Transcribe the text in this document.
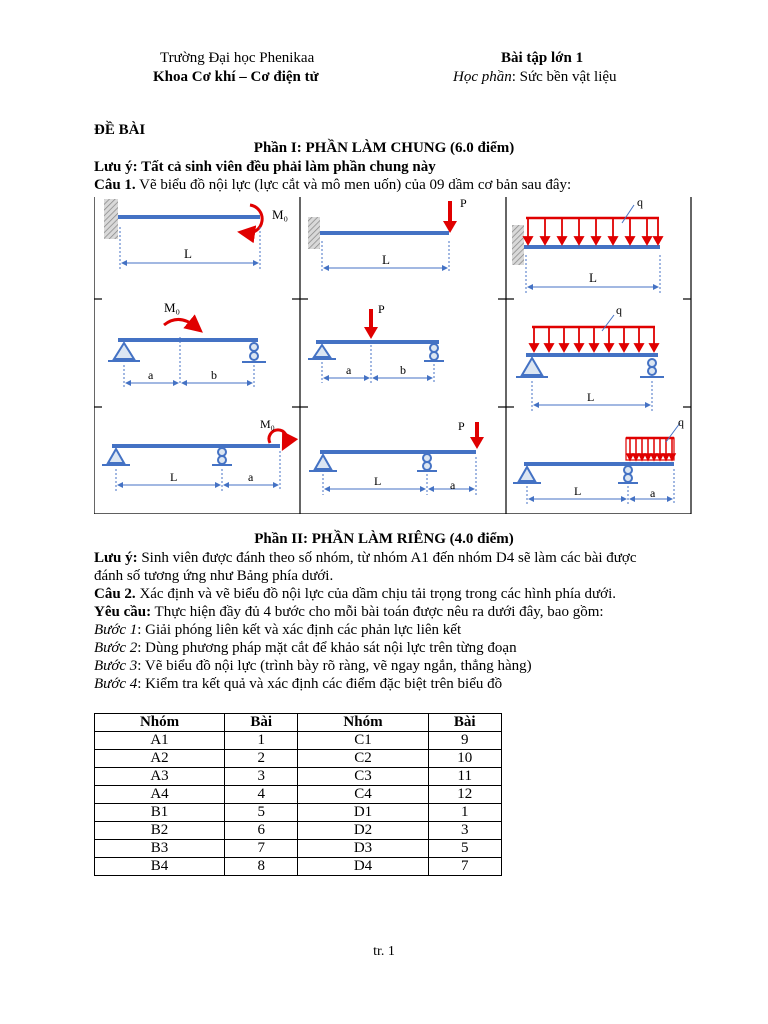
Trường Đại học Phenikaa
Khoa Cơ khí – Cơ điện tử
Bài tập lớn 1
Học phần: Sức bền vật liệu
ĐỀ BÀI
Phần I: PHẦN LÀM CHUNG (6.0 điểm)
Lưu ý: Tất cả sinh viên đều phải làm phần chung này
Câu 1. Vẽ biểu đồ nội lực (lực cắt và mô men uốn) của 09 dầm cơ bản sau đây:
M₀
L
P
L
q
L
M₀
a	b
P
a	b
q
L
M₀
L	a
P
L	a
q
L	a
Phần II: PHẦN LÀM RIÊNG (4.0 điểm)
Lưu ý: Sinh viên được đánh theo số nhóm, từ nhóm A1 đến nhóm D4 sẽ làm các bài được
đánh số tương ứng như Bảng phía dưới.
Câu 2. Xác định và vẽ biểu đồ nội lực của dầm chịu tải trọng trong các hình phía dưới.
Yêu cầu: Thực hiện đầy đủ 4 bước cho mỗi bài toán được nêu ra dưới đây, bao gồm:
Bước 1: Giải phóng liên kết và xác định các phản lực liên kết
Bước 2: Dùng phương pháp mặt cắt để khảo sát nội lực trên từng đoạn
Bước 3: Vẽ biểu đồ nội lực (trình bày rõ ràng, vẽ ngay ngắn, thẳng hàng)
Bước 4: Kiểm tra kết quả và xác định các điểm đặc biệt trên biểu đồ
Nhóm	Bài	Nhóm	Bài
A1	1	C1	9
A2	2	C2	10
A3	3	C3	11
A4	4	C4	12
B1	5	D1	1
B2	6	D2	3
B3	7	D3	5
B4	8	D4	7
tr. 1
